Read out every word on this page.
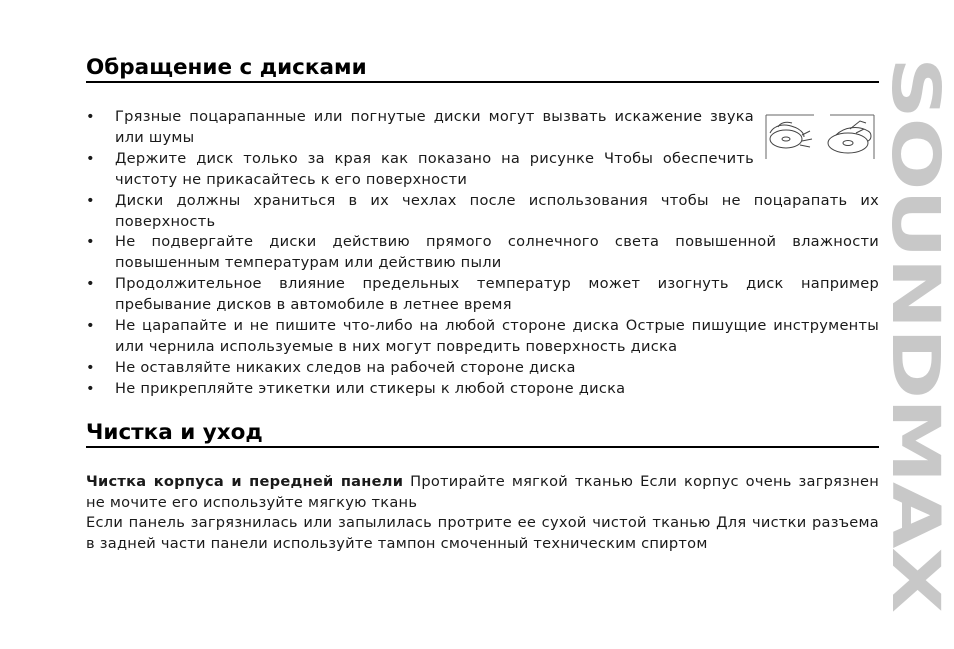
Обращение с дисками
• Грязные поцарапанные или погнутые диски могут вызвать искажение звука или шумы
• Держите диск только за края как показано на рисунке Чтобы обеспечить чистоту не прикасайтесь к его поверхности
• Диски должны храниться в их чехлах после использования чтобы не поцарапать их поверхность
• Не подвергайте диски действию прямого солнечного света повышенной влажности повышенным температурам или действию пыли
• Продолжительное влияние предельных температур может изогнуть диск например пребывание дисков в автомобиле в летнее время
• Не царапайте и не пишите что-либо на любой стороне диска Острые пишущие инструменты или чернила используемые в них могут повредить поверхность диска
• Не оставляйте никаких следов на рабочей стороне диска
• Не прикрепляйте этикетки или стикеры к любой стороне диска
Чистка и уход

Чистка корпуса и передней панели Протирайте мягкой тканью Если корпус очень загрязнен не мочите его используйте мягкую ткань

Если панель загрязнилась или запылилась протрите ее сухой чистой тканью Для чистки разъема в задней части панели используйте тампон смоченный техническим спиртом

SOUNDMAX
